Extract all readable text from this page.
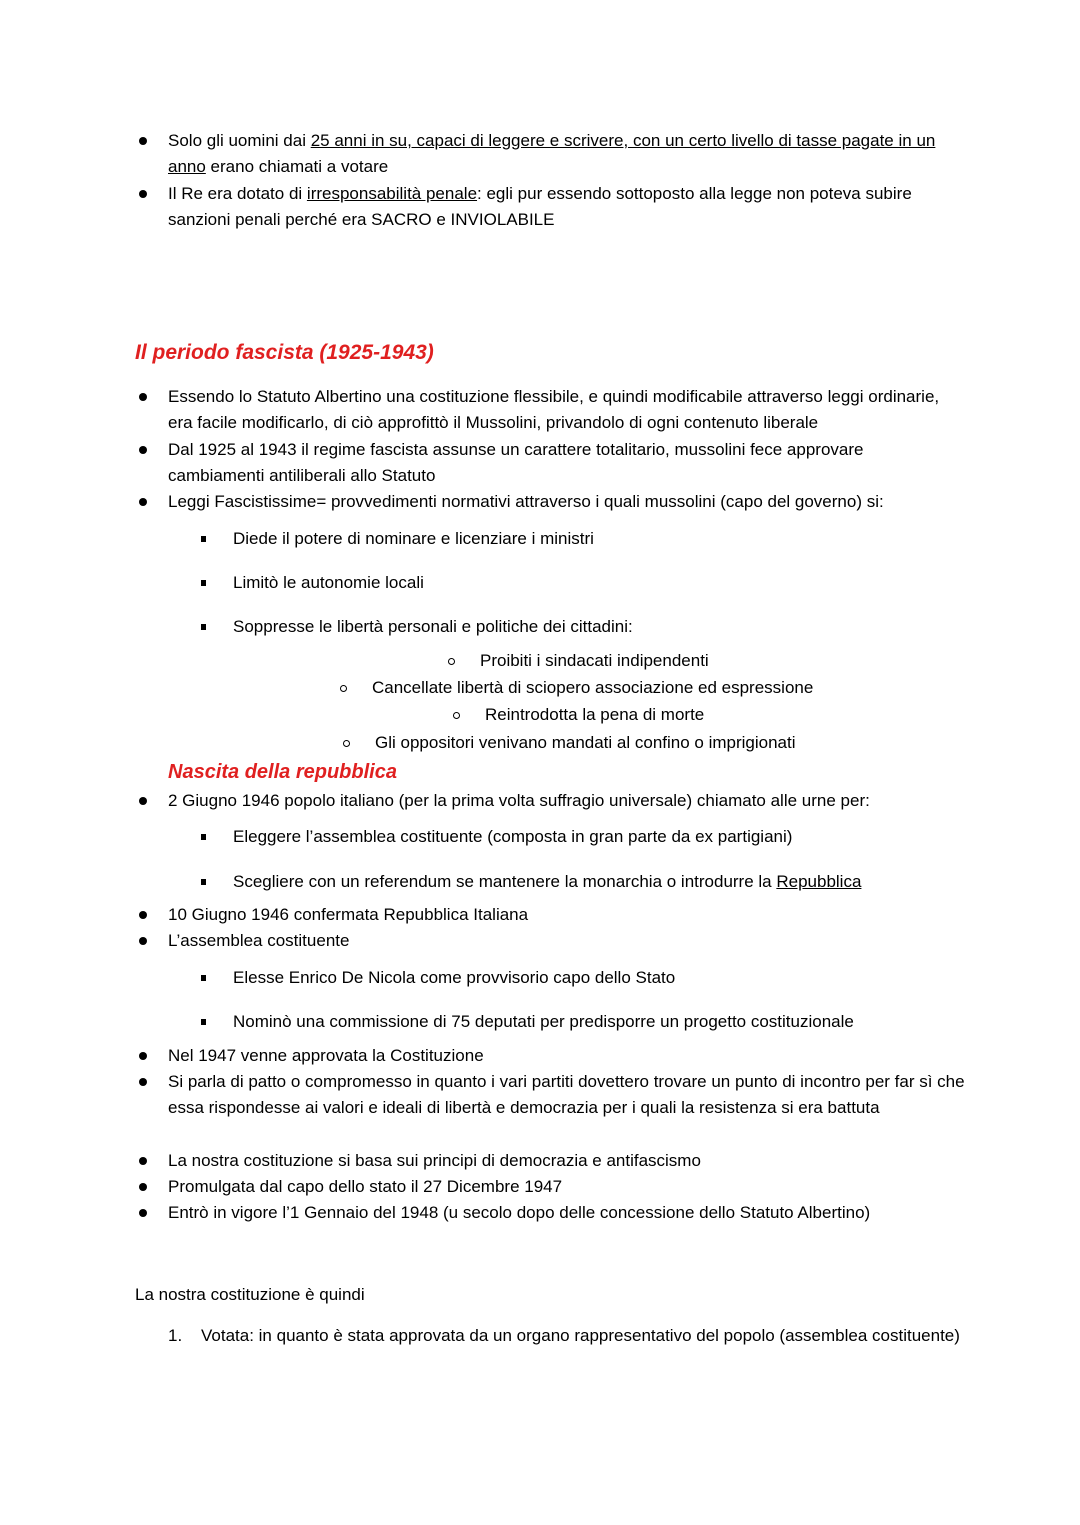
Solo gli uomini dai 25 anni in su, capaci di leggere e scrivere, con un certo livello di tasse pagate in un anno erano chiamati a votare
Il Re era dotato di irresponsabilità penale: egli pur essendo sottoposto alla legge non poteva subire sanzioni penali perché era SACRO e INVIOLABILE
Il periodo fascista (1925-1943)
Essendo lo Statuto Albertino una costituzione flessibile, e quindi modificabile attraverso leggi ordinarie, era facile modificarlo, di ciò approfittò il Mussolini, privandolo di ogni contenuto liberale
Dal 1925 al 1943 il regime fascista assunse un carattere totalitario, mussolini fece approvare cambiamenti antiliberali allo Statuto
Leggi Fascistissime= provvedimenti normativi attraverso i quali mussolini (capo del governo) si:
Diede il potere di nominare e licenziare i ministri
Limitò le autonomie locali
Soppresse le libertà personali e politiche dei cittadini:
Proibiti i sindacati indipendenti
Cancellate libertà di sciopero associazione ed espressione
Reintrodotta la pena di morte
Gli oppositori venivano mandati al confino o imprigionati
Nascita della repubblica
2 Giugno 1946 popolo italiano (per la prima volta suffragio universale) chiamato alle urne per:
Eleggere l’assemblea costituente (composta in gran parte da ex partigiani)
Scegliere con un referendum se mantenere la monarchia o introdurre la Repubblica
10 Giugno 1946 confermata Repubblica Italiana
L’assemblea costituente
Elesse Enrico De Nicola come provvisorio capo dello Stato
Nominò una commissione di 75 deputati per predisporre un progetto costituzionale
Nel 1947 venne approvata la Costituzione
Si parla di patto o compromesso in quanto i vari partiti dovettero trovare un punto di incontro per far sì che essa rispondesse ai valori e ideali di libertà e democrazia per i quali la resistenza si era battuta
La nostra costituzione si basa sui principi di democrazia e antifascismo
Promulgata dal capo dello stato il 27 Dicembre 1947
Entrò in vigore l’1 Gennaio del 1948 (u secolo dopo delle concessione dello Statuto Albertino)
La nostra costituzione è quindi
1. Votata: in quanto è stata approvata da un organo rappresentativo del popolo (assemblea costituente)
